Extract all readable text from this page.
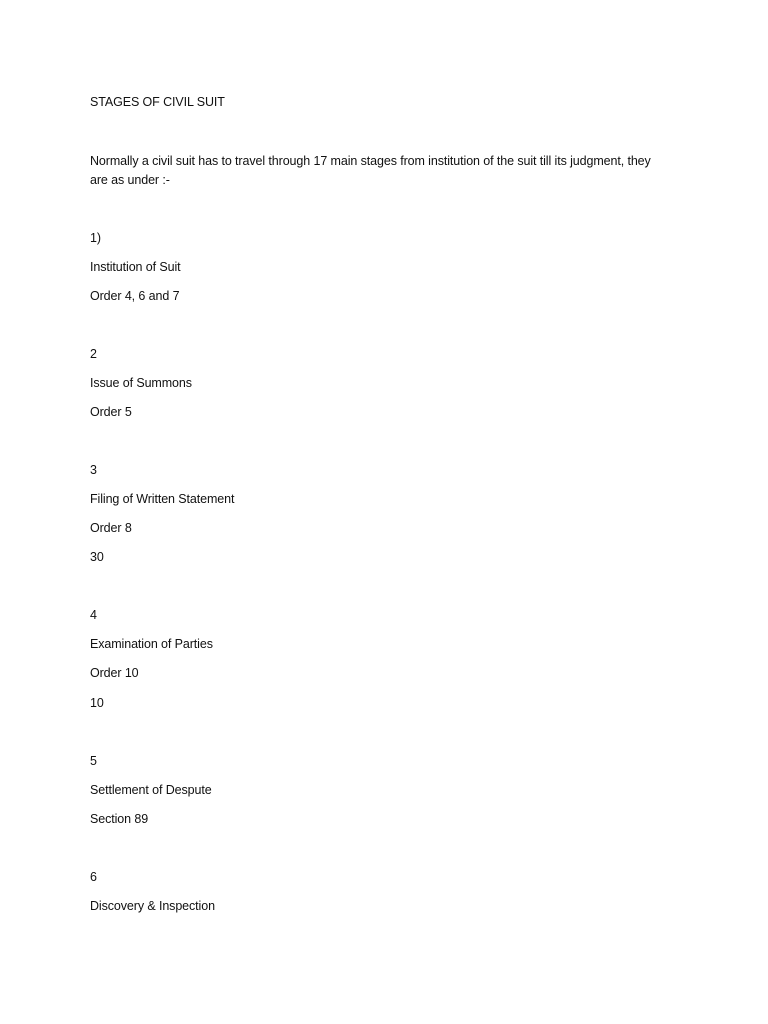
STAGES OF CIVIL SUIT
Normally a civil suit has to travel through 17 main stages from institution of the suit till its judgment, they are as under :-
1)
Institution of Suit
Order 4, 6 and 7
2
Issue of Summons
Order 5
3
Filing of Written Statement
Order 8
30
4
Examination of Parties
Order 10
10
5
Settlement of Despute
Section 89
6
Discovery & Inspection
